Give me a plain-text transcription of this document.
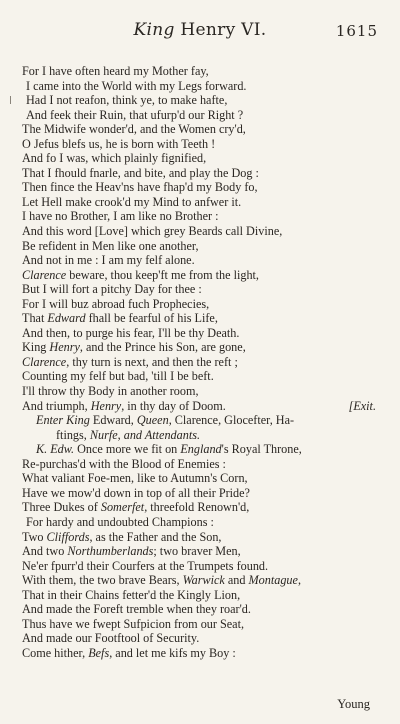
King Henry VI.	1615
For I have often heard my Mother fay,
I came into the World with my Legs forward.
Had I not reafon, think ye, to make hafte,
And feek their Ruin, that ufurp'd our Right ?
The Midwife wonder'd, and the Women cry'd,
O Jefus blefs us, he is born with Teeth !
And fo I was, which plainly fignified,
That I fhould fnarle, and bite, and play the Dog :
Then fince the Heav'ns have fhap'd my Body fo,
Let Hell make crook'd my Mind to anfwer it.
I have no Brother, I am like no Brother :
And this word [Love] which grey Beards call Divine,
Be refident in Men like one another,
And not in me : I am my felf alone.
Clarence beware, thou keep'ft me from the light,
But I will fort a pitchy Day for thee :
For I will buz abroad fuch Prophecies,
That Edward fhall be fearful of his Life,
And then, to purge his fear, I'll be thy Death.
King Henry, and the Prince his Son, are gone,
Clarence, thy turn is next, and then the reft ;
Counting my felf but bad, 'till I be beft.
I'll throw thy Body in another room,
And triumph, Henry, in thy day of Doom.	[Exit.
Enter King Edward, Queen, Clarence, Glocefter, Ha-
ftings, Nurfe, and Attendants.
K. Edw. Once more we fit on England's Royal Throne,
Re-purchas'd with the Blood of Enemies :
What valiant Foe-men, like to Autumn's Corn,
Have we mow'd down in top of all their Pride?
Three Dukes of Somerfet, threefold Renown'd,
For hardy and undoubted Champions :
Two Cliffords, as the Father and the Son,
And two Northumberlands; two braver Men,
Ne'er fpurr'd their Courfers at the Trumpets found.
With them, the two brave Bears, Warwick and Montague,
That in their Chains fetter'd the Kingly Lion,
And made the Foreft tremble when they roar'd.
Thus have we fwept Sufpicion from our Seat,
And made our Footftool of Security.
Come hither, Befs, and let me kifs my Boy :
Young
